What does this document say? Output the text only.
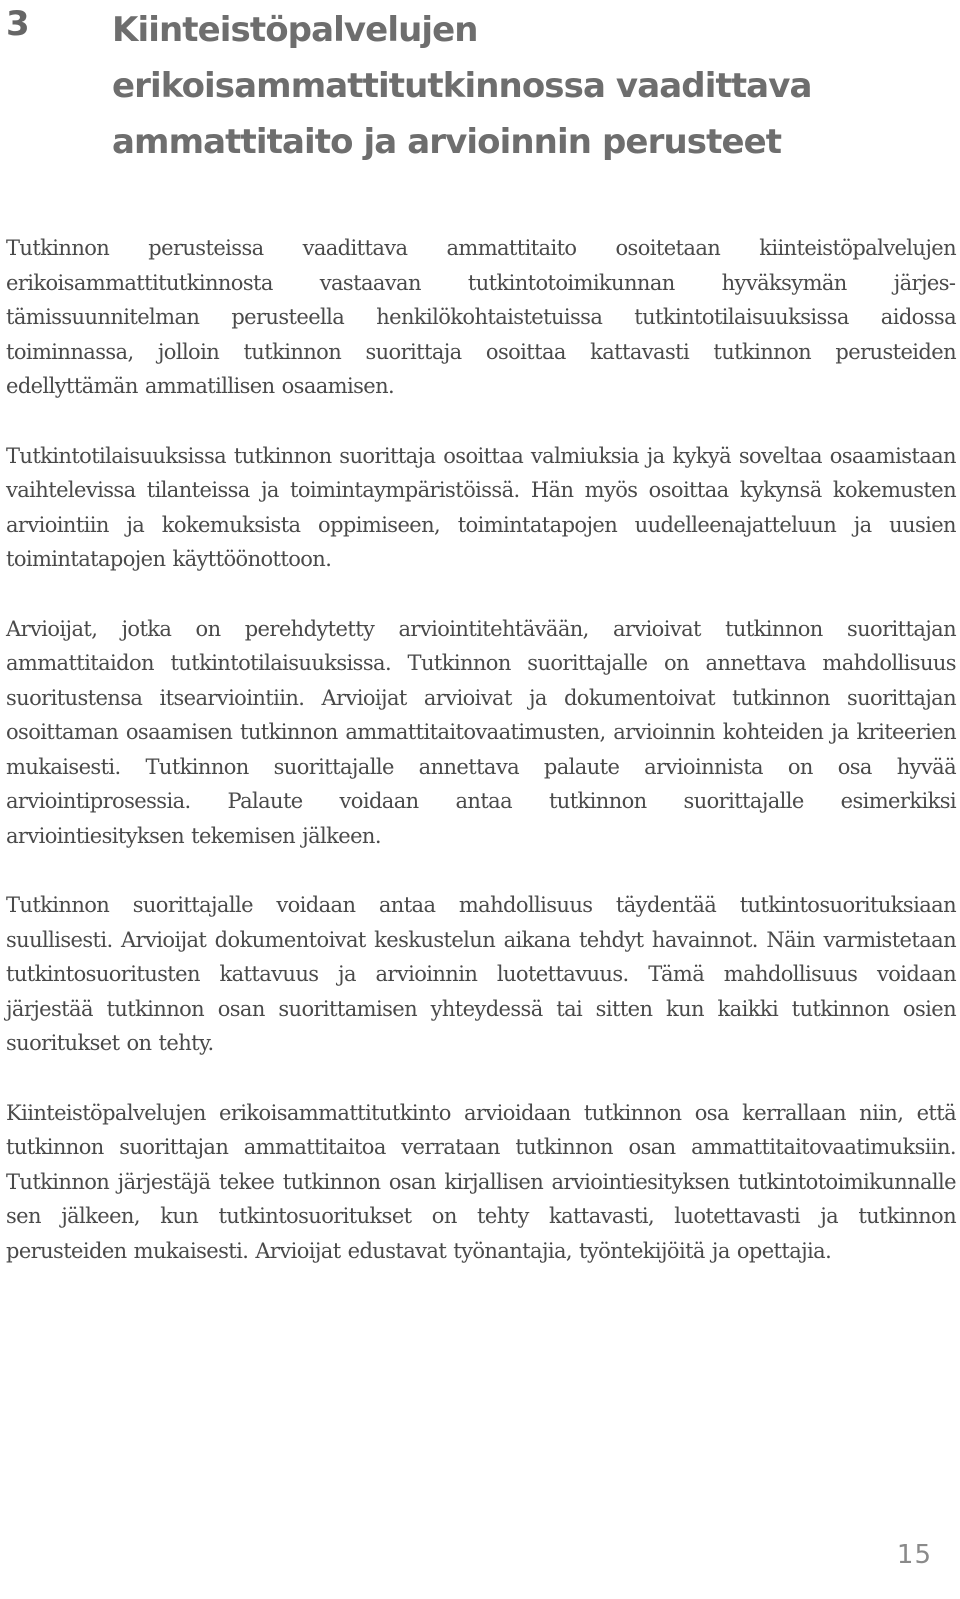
3 Kiinteistöpalvelujen erikoisammattitutkinnossa vaadittava ammattitaito ja arvioinnin perusteet

Tutkinnon perusteissa vaadittava ammattitaito osoitetaan kiinteistöpalvelujen erikoisammattitutkinnosta vastaavan tutkintotoimikunnan hyväksymän järjestämissuunnitelman perusteella henkilökohtaistetuissa tutkintotilaisuuksissa aidossa toiminnassa, jolloin tutkinnon suorittaja osoittaa kattavasti tutkinnon perusteiden edellyttämän ammatillisen osaamisen.

Tutkintotilaisuuksissa tutkinnon suorittaja osoittaa valmiuksia ja kykyä soveltaa osaamistaan vaihtelevissa tilanteissa ja toimintaympäristöissä. Hän myös osoittaa kykynsä kokemusten arviointiin ja kokemuksista oppimiseen, toimintatapojen uudelleenajatteluun ja uusien toimintatapojen käyttöönottoon.

Arvioijat, jotka on perehdytetty arviointitehtävään, arvioivat tutkinnon suorittajan ammattitaidon tutkintotilaisuuksissa. Tutkinnon suorittajalle on annettava mahdollisuus suoritustensa itsearviointiin. Arvioijat arvioivat ja dokumentoivat tutkinnon suorittajan osoittaman osaamisen tutkinnon ammattitaitovaatimusten, arvioinnin kohteiden ja kriteerien mukaisesti. Tutkinnon suorittajalle annettava palaute arvioinnista on osa hyvää arviointiprosessia. Palaute voidaan antaa tutkinnon suorittajalle esimerkiksi arviointiesityksen tekemisen jälkeen.

Tutkinnon suorittajalle voidaan antaa mahdollisuus täydentää tutkintosuorituksiaan suullisesti. Arvioijat dokumentoivat keskustelun aikana tehdyt havainnot. Näin varmistetaan tutkintosuoritusten kattavuus ja arvioinnin luotettavuus. Tämä mahdollisuus voidaan järjestää tutkinnon osan suorittamisen yhteydessä tai sitten kun kaikki tutkinnon osien suoritukset on tehty.

Kiinteistöpalvelujen erikoisammattitutkinto arvioidaan tutkinnon osa kerrallaan niin, että tutkinnon suorittajan ammattitaitoa verrataan tutkinnon osan ammattitaitovaatimuksiin. Tutkinnon järjestäjä tekee tutkinnon osan kirjallisen arviointiesityksen tutkintotoimikunnalle sen jälkeen, kun tutkintosuoritukset on tehty kattavasti, luotettavasti ja tutkinnon perusteiden mukaisesti. Arvioijat edustavat työnantajia, työntekijöitä ja opettajia.

15
